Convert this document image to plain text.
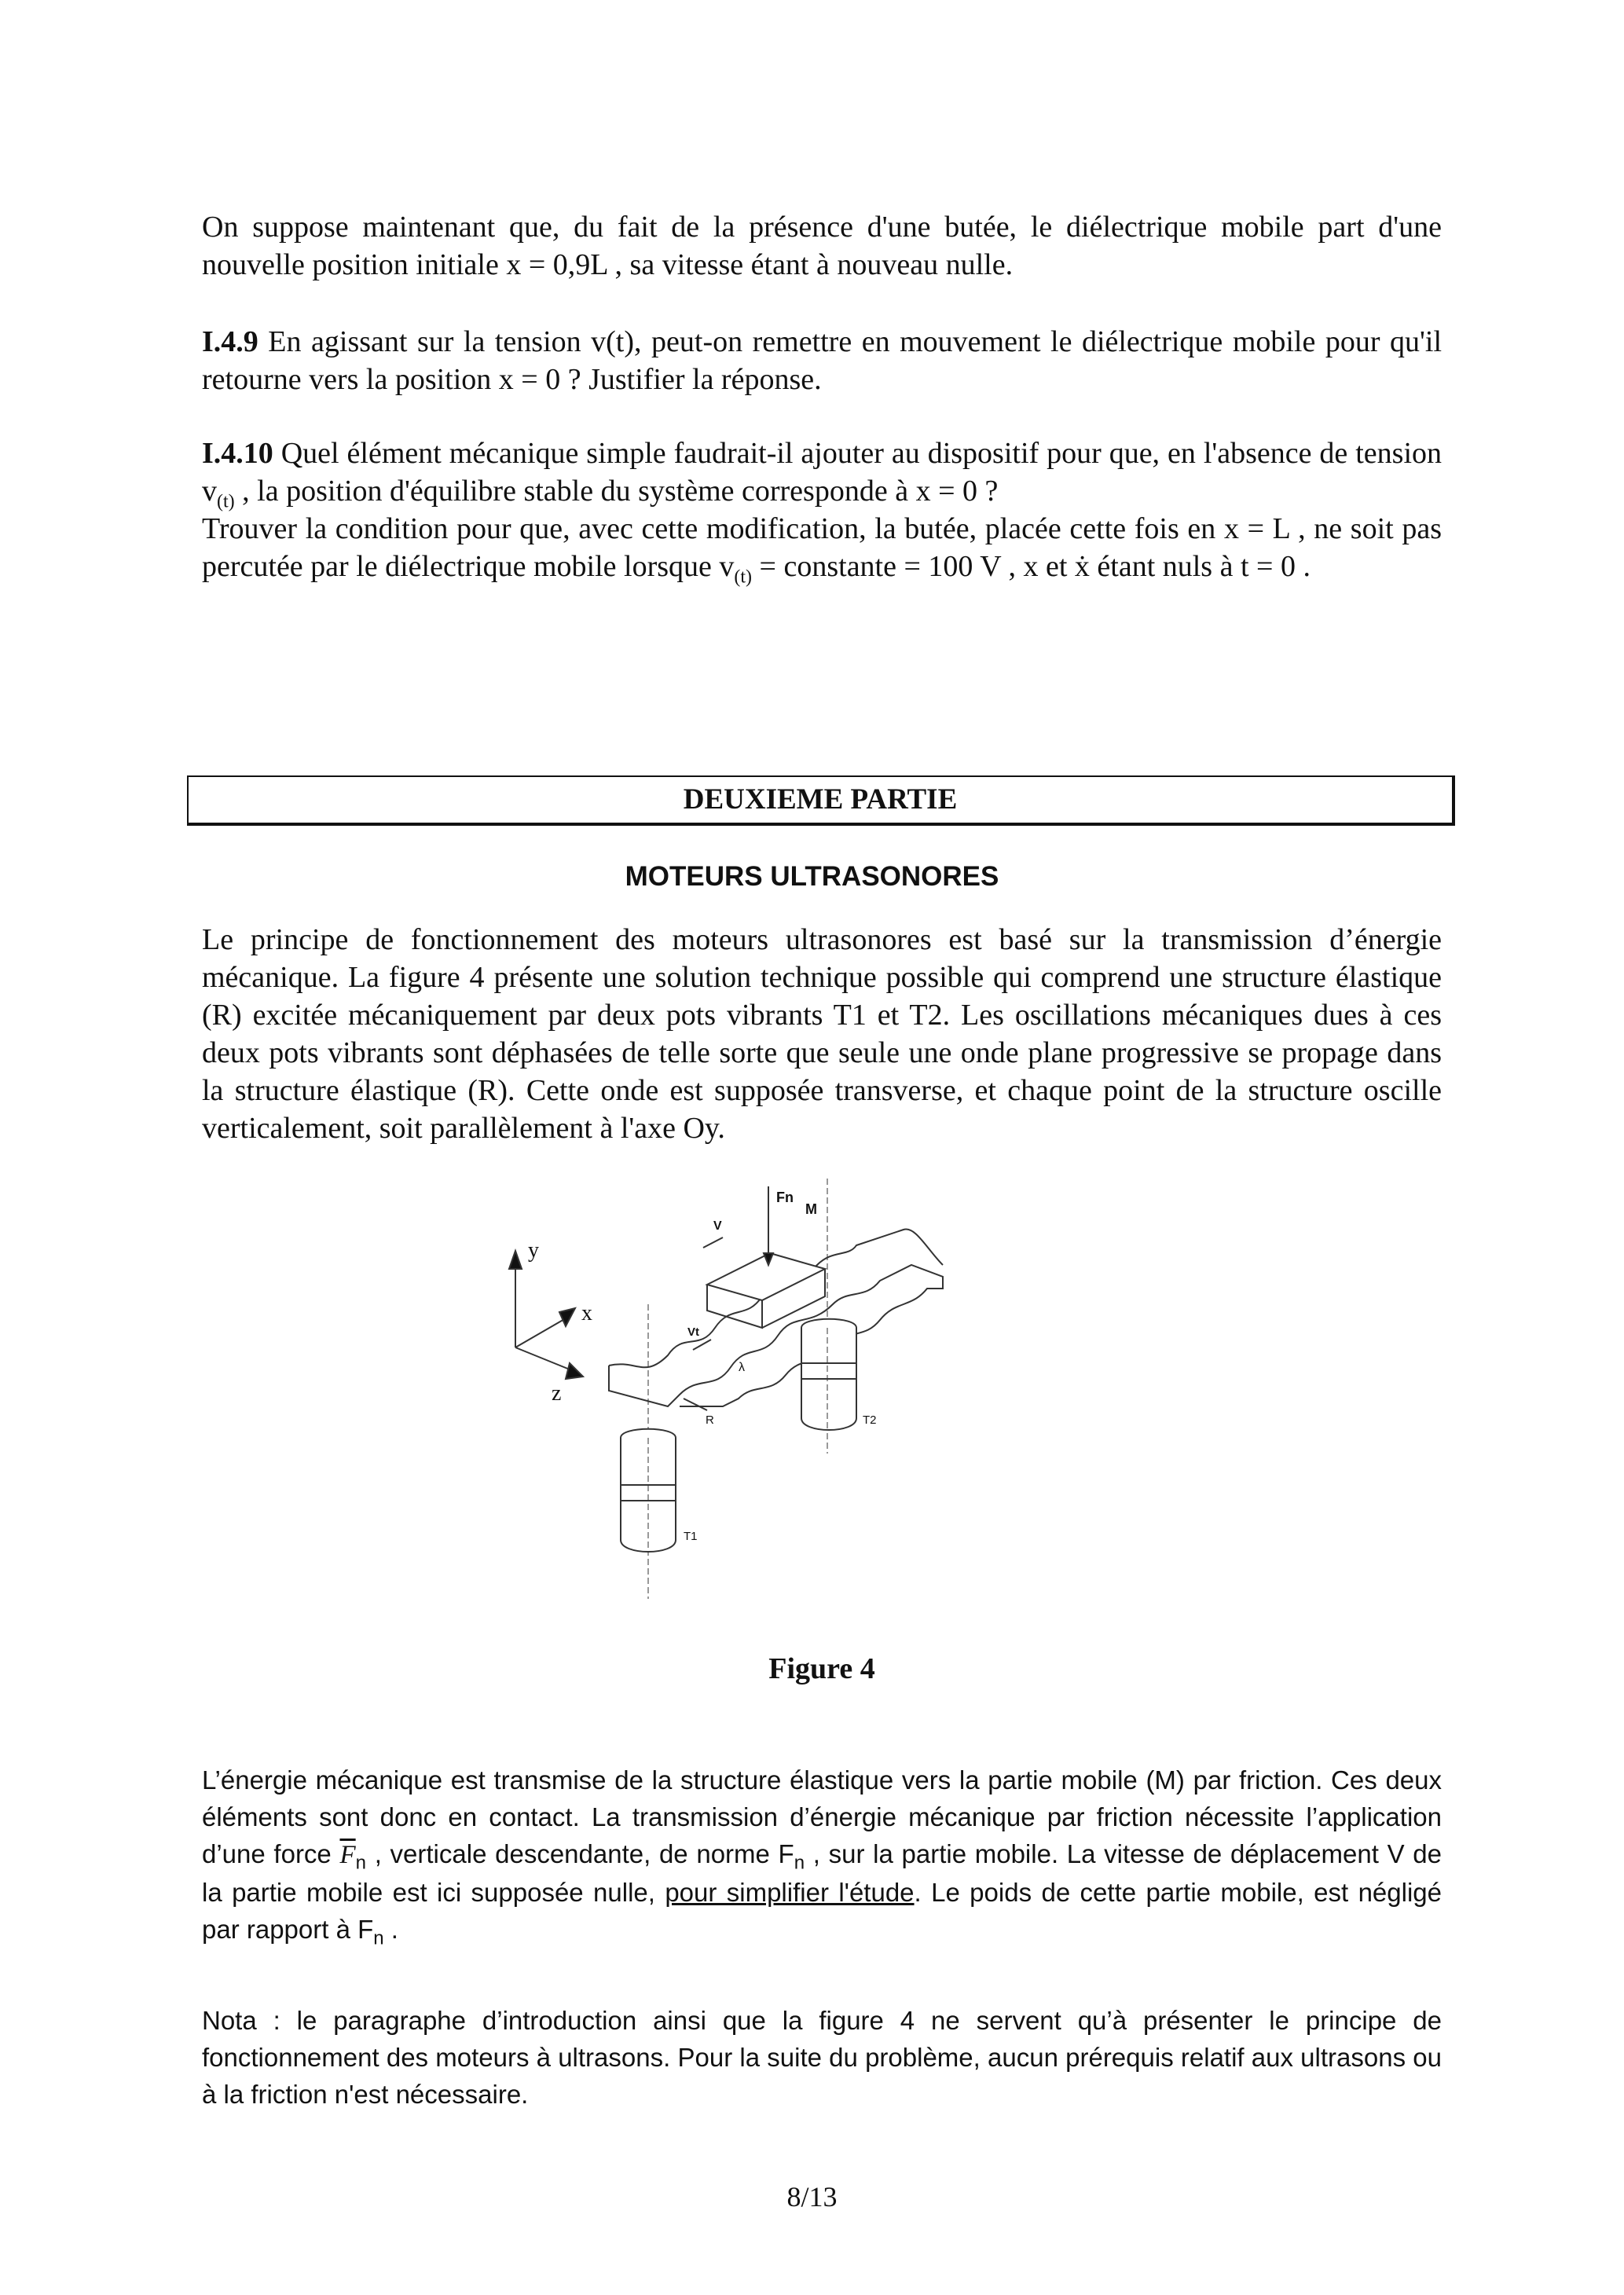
On suppose maintenant que, du fait de la présence d'une butée, le diélectrique mobile part d'une nouvelle position initiale x = 0,9L , sa vitesse étant à nouveau nulle.

I.4.9 En agissant sur la tension v(t), peut-on remettre en mouvement le diélectrique mobile pour qu'il retourne vers la position x = 0 ? Justifier la réponse.

I.4.10 Quel élément mécanique simple faudrait-il ajouter au dispositif pour que, en l'absence de tension $v_{(t)}$ , la position d'équilibre stable du système corresponde à x = 0 ?

Trouver la condition pour que, avec cette modification, la butée, placée cette fois en x = L , ne soit pas percutée par le diélectrique mobile lorsque $v_{(t)}$ = constante = 100 V , x et ẋ étant nuls à t = 0 .

DEUXIEME PARTIE
MOTEURS ULTRASONORES

Le principe de fonctionnement des moteurs ultrasonores est basé sur la transmission d’énergie mécanique. La figure 4 présente une solution technique possible qui comprend une structure élastique (R) excitée mécaniquement par deux pots vibrants T1 et T2. Les oscillations mécaniques dues à ces deux pots vibrants sont déphasées de telle sorte que seule une onde plane progressive se propage dans la structure élastique (R). Cette onde est supposée transverse, et chaque point de la structure oscille verticalement, soit parallèlement à l'axe Oy.

y
x
z
Fn
M
V
Vt
λ
R
T1
T2
Figure 4

L’énergie mécanique est transmise de la structure élastique vers la partie mobile (M) par friction. Ces deux éléments sont donc en contact. La transmission d’énergie mécanique par friction nécessite l’application d’une force $\overline{F}_n$ , verticale descendante, de norme $F_n$ , sur la partie mobile. La vitesse de déplacement V de la partie mobile est ici supposée nulle, pour simplifier l'étude. Le poids de cette partie mobile, est négligé par rapport à $F_n$ .

Nota : le paragraphe d’introduction ainsi que la figure 4 ne servent qu’à présenter le principe de fonctionnement des moteurs à ultrasons. Pour la suite du problème, aucun prérequis relatif aux ultrasons ou à la friction n'est nécessaire.

8/13
